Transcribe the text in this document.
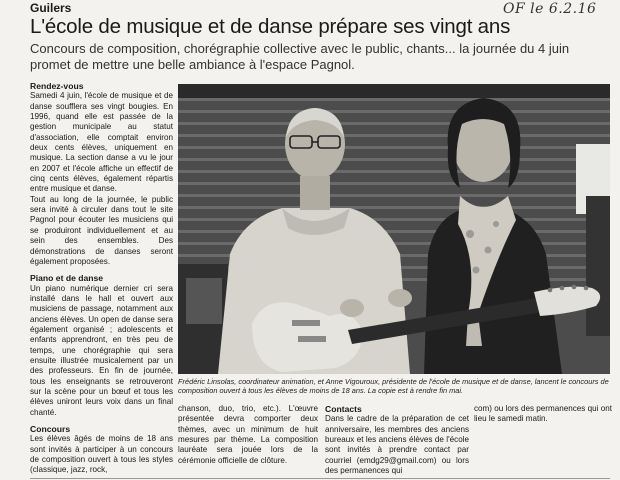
Guilers	OF le 6.2.16
L'école de musique et de danse prépare ses vingt ans
Concours de composition, chorégraphie collective avec le public, chants... la journée du 4 juin promet de mettre une belle ambiance à l'espace Pagnol.

Rendez-vous

Samedi 4 juin, l'école de musique et de danse soufflera ses vingt bougies. En 1996, quand elle est passée de la gestion municipale au statut d'association, elle comptait environ deux cents élèves, uniquement en musique. La section danse a vu le jour en 2007 et l'école affiche un effectif de cinq cents élèves, également répartis entre musique et danse.

Tout au long de la journée, le public sera invité à circuler dans tout le site Pagnol pour écouter les musiciens qui se produiront individuellement et au sein des ensembles. Des démonstrations de danses seront également proposées.

Piano et de danse

Un piano numérique dernier cri sera installé dans le hall et ouvert aux musiciens de passage, notamment aux anciens élèves. Un open de danse sera également organisé ; adolescents et enfants apprendront, en très peu de temps, une chorégraphie qui sera ensuite illustrée musicalement par un des professeurs. En fin de journée, tous les enseignants se retrouveront sur la scène pour un bœuf et tous les élèves uniront leurs voix dans un final chanté.

Concours

Les élèves âgés de moins de 18 ans sont invités à participer à un concours de composition ouvert à tous les styles (classique, jazz, rock,

Frédéric Linsolas, coordinateur animation, et Anne Vigouroux, présidente de l'école de musique et de danse, lancent le concours de composition ouvert à tous les élèves de moins de 18 ans. La copie est à rendre fin mai.

chanson, duo, trio, etc.). L'œuvre présentée devra comporter deux thèmes, avec un minimum de huit mesures par thème. La composition lauréate sera jouée lors de la cérémonie officielle de clôture.

Contacts

Dans le cadre de la préparation de cet anniversaire, les membres des anciens bureaux et les anciens élèves de l'école sont invités à prendre contact par courriel (emdg29@gmail.com) ou lors des permanences qui

com) ou lors des permanences qui ont lieu le samedi matin.
